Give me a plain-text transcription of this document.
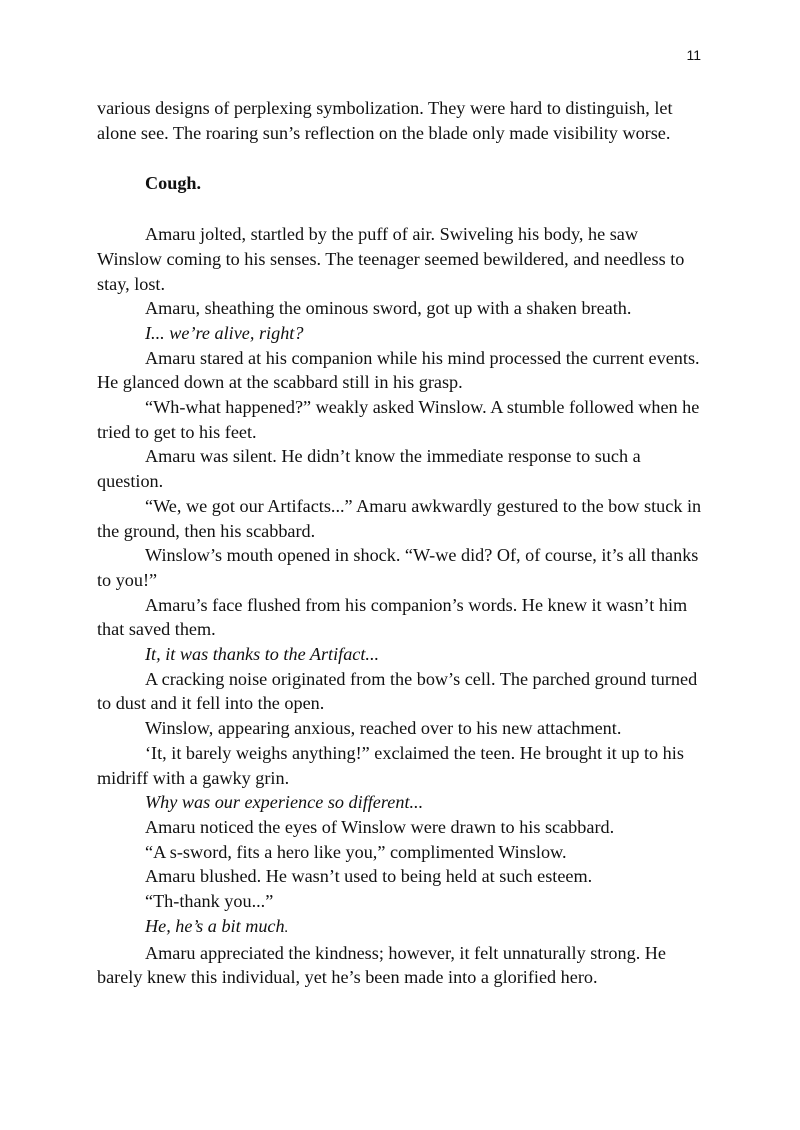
11

various designs of perplexing symbolization. They were hard to distinguish, let alone see. The roaring sun’s reflection on the blade only made visibility worse.

Cough.

Amaru jolted, startled by the puff of air. Swiveling his body, he saw Winslow coming to his senses. The teenager seemed bewildered, and needless to stay, lost.

Amaru, sheathing the ominous sword, got up with a shaken breath.

I... we’re alive, right?

Amaru stared at his companion while his mind processed the current events. He glanced down at the scabbard still in his grasp.

“Wh-what happened?” weakly asked Winslow. A stumble followed when he tried to get to his feet.

Amaru was silent. He didn’t know the immediate response to such a question.

“We, we got our Artifacts...” Amaru awkwardly gestured to the bow stuck in the ground, then his scabbard.

Winslow’s mouth opened in shock. “W-we did? Of, of course, it’s all thanks to you!”

Amaru’s face flushed from his companion’s words. He knew it wasn’t him that saved them.

It, it was thanks to the Artifact...

A cracking noise originated from the bow’s cell. The parched ground turned to dust and it fell into the open.

Winslow, appearing anxious, reached over to his new attachment.

‘It, it barely weighs anything!” exclaimed the teen. He brought it up to his midriff with a gawky grin.

Why was our experience so different...

Amaru noticed the eyes of Winslow were drawn to his scabbard.

“A s-sword, fits a hero like you,” complimented Winslow.

Amaru blushed. He wasn’t used to being held at such esteem.

“Th-thank you...”

He, he’s a bit much.

Amaru appreciated the kindness; however, it felt unnaturally strong. He barely knew this individual, yet he’s been made into a glorified hero.
